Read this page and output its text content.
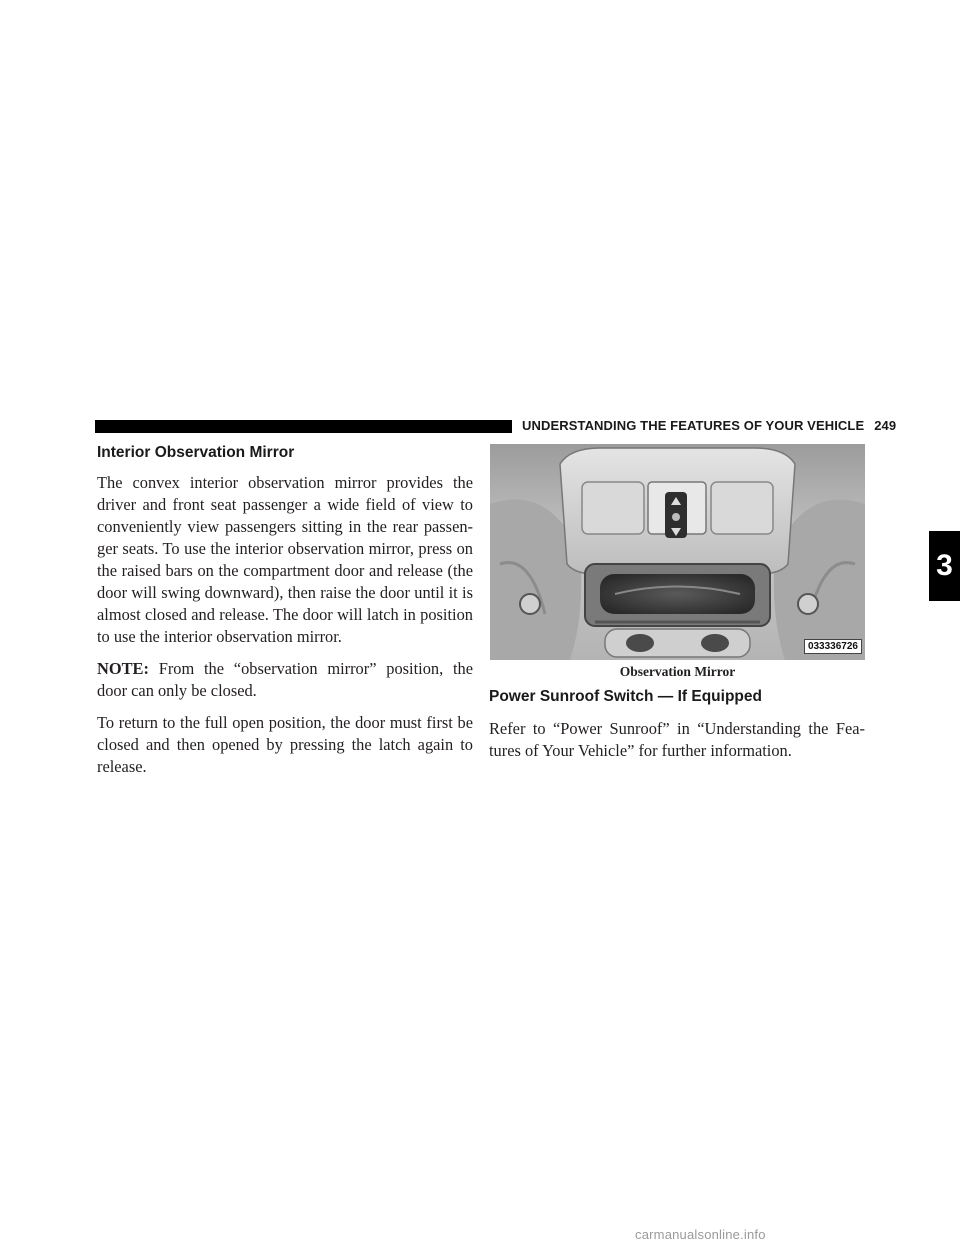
UNDERSTANDING THE FEATURES OF YOUR VEHICLE 249
3
Interior Observation Mirror

The convex interior observation mirror provides the driver and front seat passenger a wide field of view to conveniently view passengers sitting in the rear passen-ger seats. To use the interior observation mirror, press on the raised bars on the compartment door and release (the door will swing downward), then raise the door until it is almost closed and release. The door will latch in position to use the interior observation mirror.

NOTE: From the “observation mirror” position, the door can only be closed.

To return to the full open position, the door must first be closed and then opened by pressing the latch again to release.

033336726
Observation Mirror
Power Sunroof Switch — If Equipped

Refer to “Power Sunroof” in “Understanding the Fea-tures of Your Vehicle” for further information.

carmanualsonline.info
